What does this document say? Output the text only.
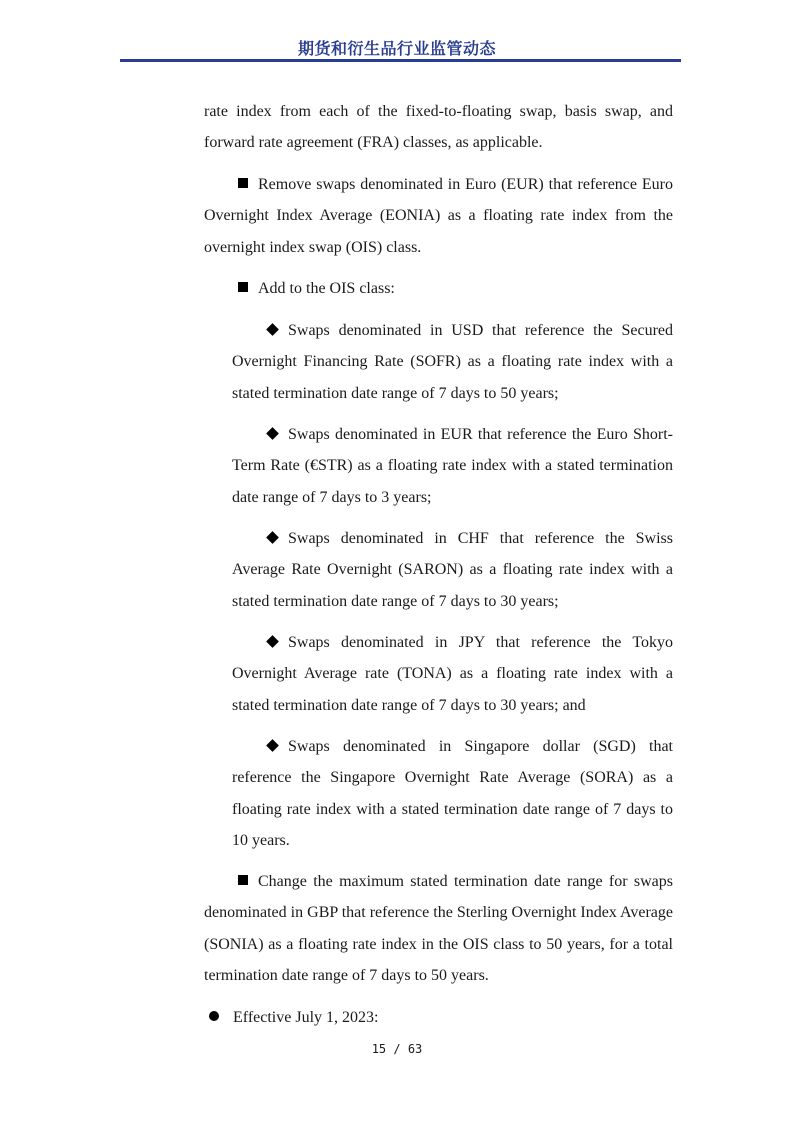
期货和衍生品行业监管动态

rate index from each of the fixed-to-floating swap, basis swap, and forward rate agreement (FRA) classes, as applicable.

Remove swaps denominated in Euro (EUR) that reference Euro Overnight Index Average (EONIA) as a floating rate index from the overnight index swap (OIS) class.

Add to the OIS class:

Swaps denominated in USD that reference the Secured Overnight Financing Rate (SOFR) as a floating rate index with a stated termination date range of 7 days to 50 years;

Swaps denominated in EUR that reference the Euro Short-Term Rate (€STR) as a floating rate index with a stated termination date range of 7 days to 3 years;

Swaps denominated in CHF that reference the Swiss Average Rate Overnight (SARON) as a floating rate index with a stated termination date range of 7 days to 30 years;

Swaps denominated in JPY that reference the Tokyo Overnight Average rate (TONA) as a floating rate index with a stated termination date range of 7 days to 30 years; and

Swaps denominated in Singapore dollar (SGD) that reference the Singapore Overnight Rate Average (SORA) as a floating rate index with a stated termination date range of 7 days to 10 years.

Change the maximum stated termination date range for swaps denominated in GBP that reference the Sterling Overnight Index Average (SONIA) as a floating rate index in the OIS class to 50 years, for a total termination date range of 7 days to 50 years.

Effective July 1, 2023:

15 / 63
